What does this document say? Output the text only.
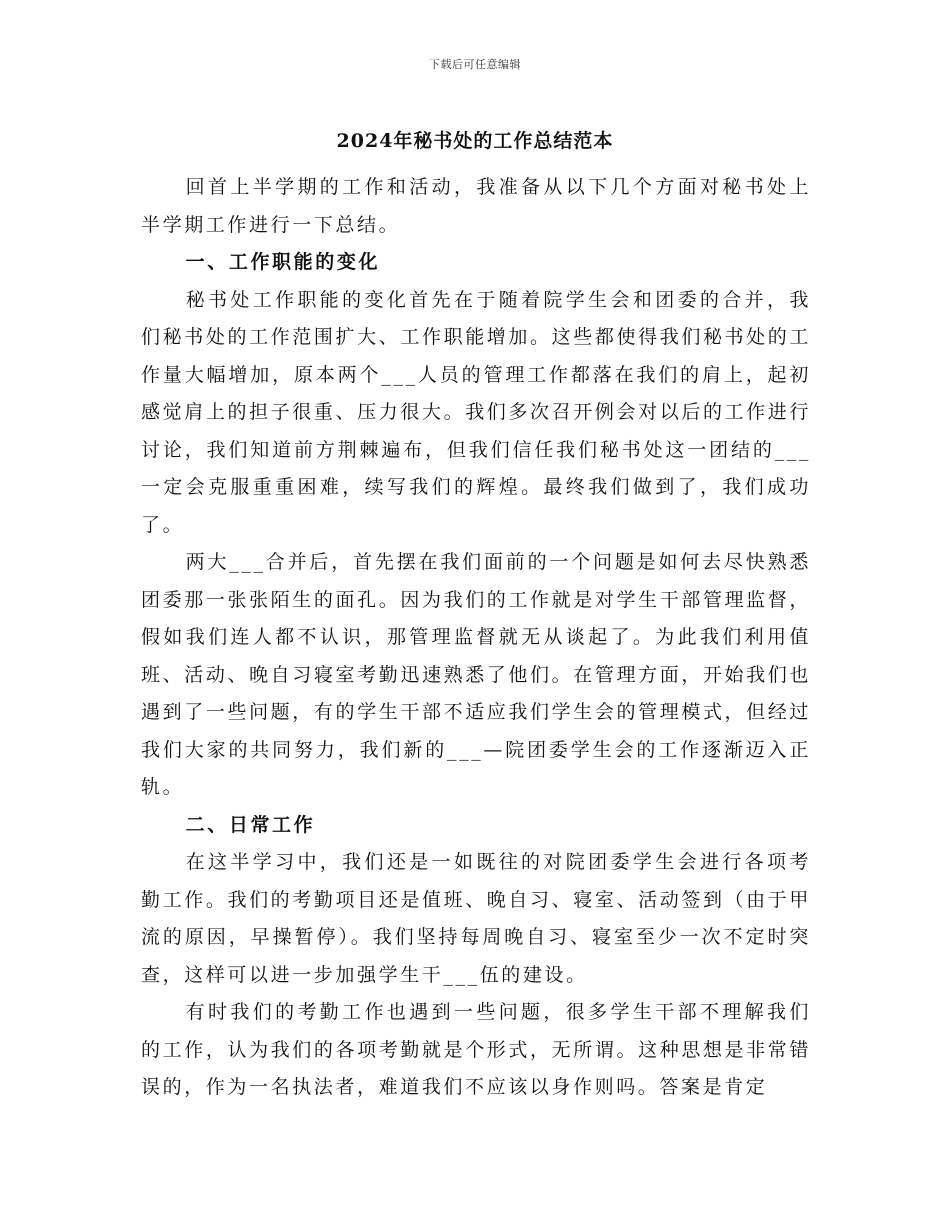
下载后可任意编辑
2024年秘书处的工作总结范本

回首上半学期的工作和活动，我准备从以下几个方面对秘书处上半学期工作进行一下总结。

一、工作职能的变化

秘书处工作职能的变化首先在于随着院学生会和团委的合并，我们秘书处的工作范围扩大、工作职能增加。这些都使得我们秘书处的工作量大幅增加，原本两个___人员的管理工作都落在我们的肩上，起初感觉肩上的担子很重、压力很大。我们多次召开例会对以后的工作进行讨论，我们知道前方荆棘遍布，但我们信任我们秘书处这一团结的___一定会克服重重困难，续写我们的辉煌。最终我们做到了，我们成功了。

两大___合并后，首先摆在我们面前的一个问题是如何去尽快熟悉团委那一张张陌生的面孔。因为我们的工作就是对学生干部管理监督，假如我们连人都不认识，那管理监督就无从谈起了。为此我们利用值班、活动、晚自习寝室考勤迅速熟悉了他们。在管理方面，开始我们也遇到了一些问题，有的学生干部不适应我们学生会的管理模式，但经过我们大家的共同努力，我们新的___—院团委学生会的工作逐渐迈入正轨。

二、日常工作

在这半学习中，我们还是一如既往的对院团委学生会进行各项考勤工作。我们的考勤项目还是值班、晚自习、寝室、活动签到（由于甲流的原因，早操暂停）。我们坚持每周晚自习、寝室至少一次不定时突查，这样可以进一步加强学生干___伍的建设。

有时我们的考勤工作也遇到一些问题，很多学生干部不理解我们的工作，认为我们的各项考勤就是个形式，无所谓。这种思想是非常错误的，作为一名执法者，难道我们不应该以身作则吗。答案是肯定
